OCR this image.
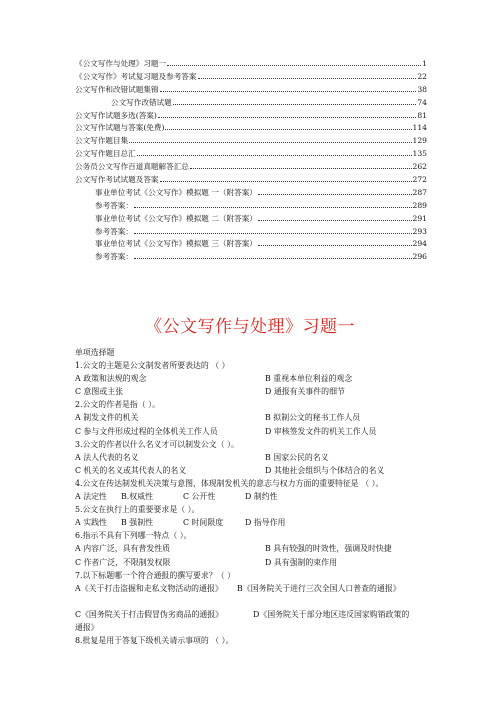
《公文写作与处理》习题一	1
《公文写作》考试复习题及参考答案	22
公文写作和改错试题集锦	38
公文写作改错试题	74
公文写作试题多选(答案)	81
公文写作试题与答案(免费)	114
公文写作题目集	129
公文写作题目总汇	135
公务员公文写作百道真题解答汇总	262
公文写作考试试题及答案	272
事业单位考试《公文写作》模拟题 一（附答案）	287
参考答案：	289
事业单位考试《公文写作》模拟题 二（附答案）	291
参考答案：	293
事业单位考试《公文写作》模拟题 三（附答案）	294
参考答案：	296
《公文写作与处理》习题一
单项选择题
1.公文的主题是公文制发者所要表达的 （ ）
A 政策和法规的观念	B 重视本单位利益的观念
C 意图或主张	D 通报有关事件的细节
2.公文的作者是指（ ）。
A 制发文件的机关	B 拟制公文的秘书工作人员
C 参与文件形成过程的全体机关工作人员	D 审核签发文件的机关工作人员
3.公文的作者以什么名义才可以制发公文（ ）。
A 法人代表的名义	B 国家公民的名义
C 机关的名义或其代表人的名义	D 其他社会组织与个体结合的名义
4.公文在传达制发机关决策与意图，体现制发机关的意志与权力方面的重要特征是 （ ）。
A 法定性	B.权威性	C 公开性	D 制约性
5.公文在执行上的重要要求是（ ）。
A 实践性	B 强制性	C 时间限度	D 指导作用
6.指示不具有下列哪一特点（ ）。
A 内容广泛，具有普发性质	B 具有较强的时效性，强调及时快捷
C 作者广泛，不限制发权限	D 具有强制的束作用
7.以下标题哪一个符合通报的撰写要求？（ ）
A《关于打击盗掘和走私文物活动的通报》	B《国务院关于进行三次全国人口普查的通报》
C《国务院关于打击假冒伪劣商品的通报》	D《国务院关于部分地区违反国家购销政策的
通报》
8.批复是用于答复下级机关请示事项的 （ ）。
